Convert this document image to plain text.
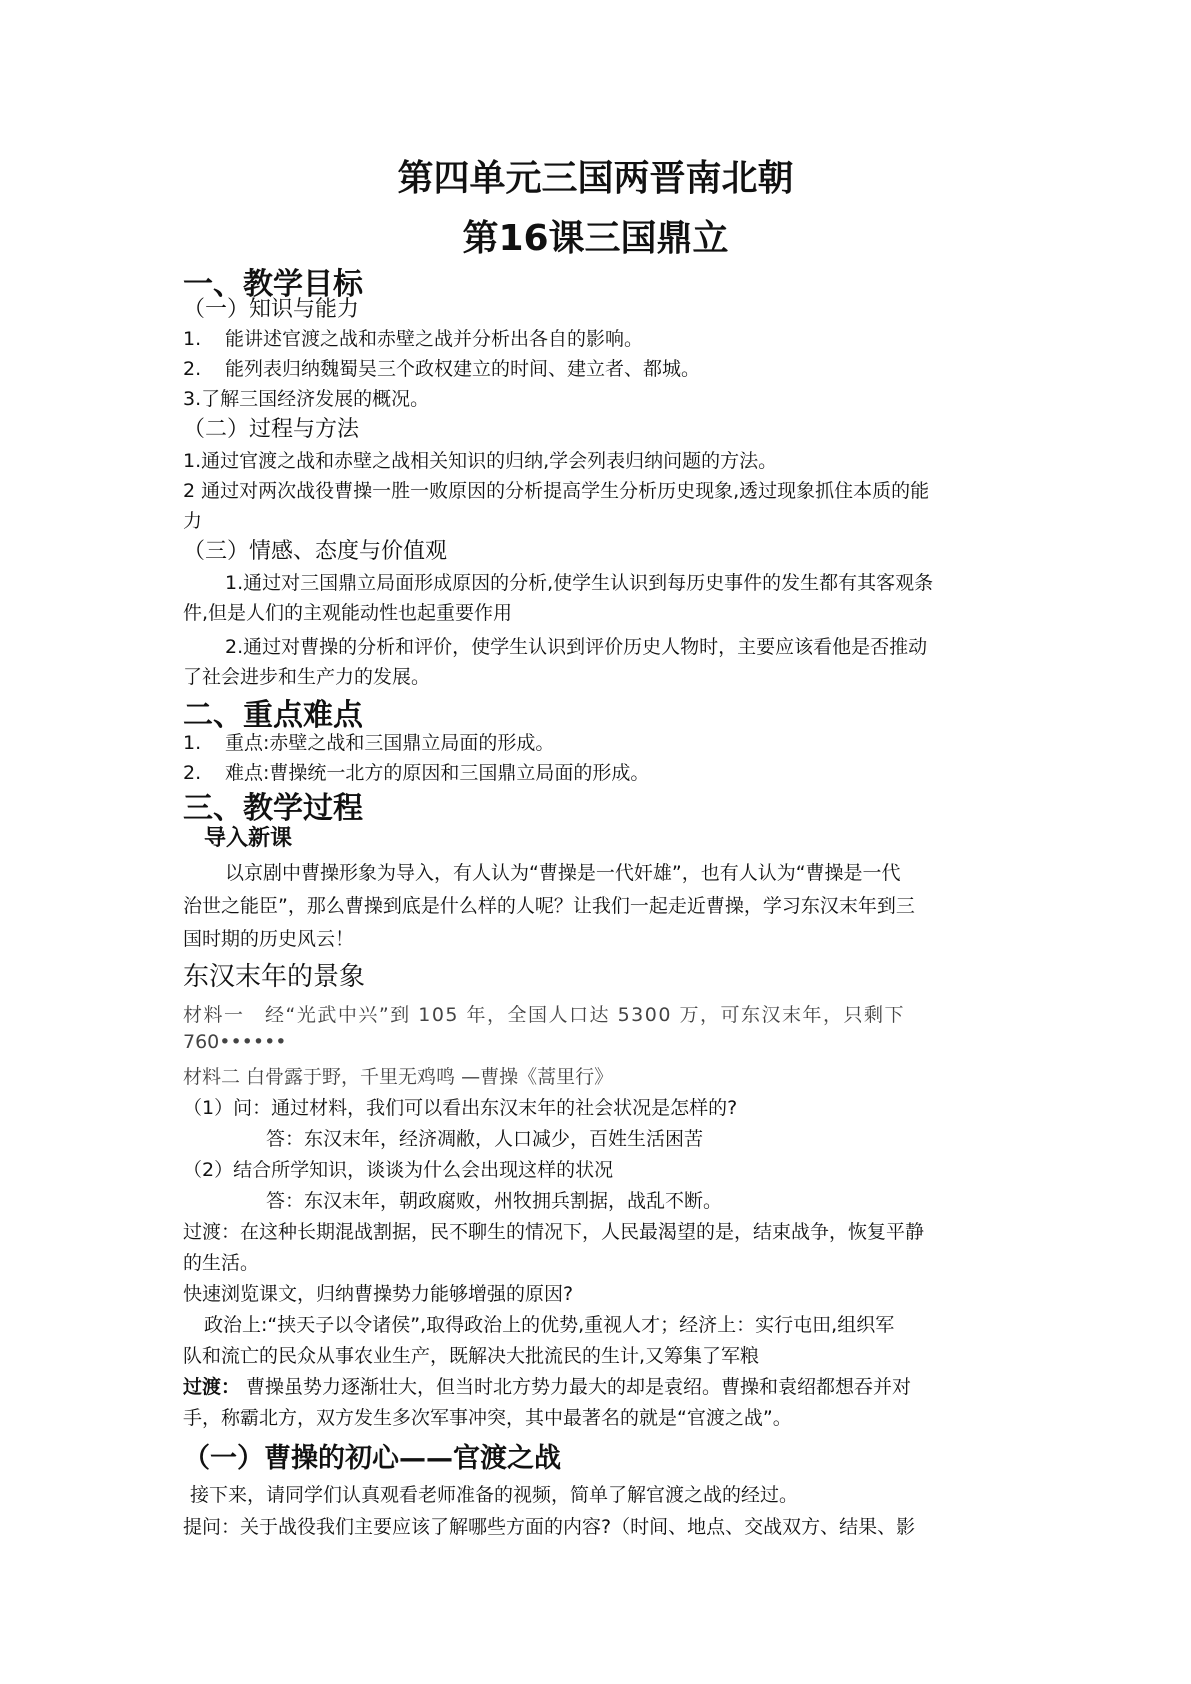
第四单元三国两晋南北朝
第16课三国鼎立
一、教学目标
（一）知识与能力
1. 能讲述官渡之战和赤壁之战并分析出各自的影响。
2. 能列表归纳魏蜀吴三个政权建立的时间、建立者、都城。
3.了解三国经济发展的概况。
（二）过程与方法
1.通过官渡之战和赤壁之战相关知识的归纳,学会列表归纳问题的方法。
2 通过对两次战役曹操一胜一败原因的分析提高学生分析历史现象,透过现象抓住本质的能
力
（三）情感、态度与价值观
1.通过对三国鼎立局面形成原因的分析,使学生认识到每历史事件的发生都有其客观条
件,但是人们的主观能动性也起重要作用
2.通过对曹操的分析和评价，使学生认识到评价历史人物时，主要应该看他是否推动
了社会进步和生产力的发展。
二、重点难点
1. 重点:赤壁之战和三国鼎立局面的形成。
2. 难点:曹操统一北方的原因和三国鼎立局面的形成。
三、教学过程
导入新课
以京剧中曹操形象为导入，有人认为“曹操是一代奸雄”，也有人认为“曹操是一代
治世之能臣”，那么曹操到底是什么样的人呢？让我们一起走近曹操，学习东汉末年到三
国时期的历史风云！
东汉末年的景象
材料一　经“光武中兴”到 105 年，全国人口达 5300 万，可东汉末年，只剩下
760••••••
材料二 白骨露于野，千里无鸡鸣 —曹操《蒿里行》
（1）问：通过材料，我们可以看出东汉末年的社会状况是怎样的?
答：东汉末年，经济凋敝，人口减少，百姓生活困苦
（2）结合所学知识，谈谈为什么会出现这样的状况
答：东汉末年，朝政腐败，州牧拥兵割据，战乱不断。
过渡：在这种长期混战割据，民不聊生的情况下，人民最渴望的是，结束战争，恢复平静
的生活。
快速浏览课文，归纳曹操势力能够增强的原因?
政治上:“挟天子以令诸侯”,取得政治上的优势,重视人才；经济上：实行屯田,组织军
队和流亡的民众从事农业生产，既解决大批流民的生计,又筹集了军粮
过渡： 曹操虽势力逐渐壮大，但当时北方势力最大的却是袁绍。曹操和袁绍都想吞并对
手，称霸北方，双方发生多次军事冲突，其中最著名的就是“官渡之战”。
（一）曹操的初心——官渡之战
接下来，请同学们认真观看老师准备的视频，简单了解官渡之战的经过。
提问：关于战役我们主要应该了解哪些方面的内容?（时间、地点、交战双方、结果、影
